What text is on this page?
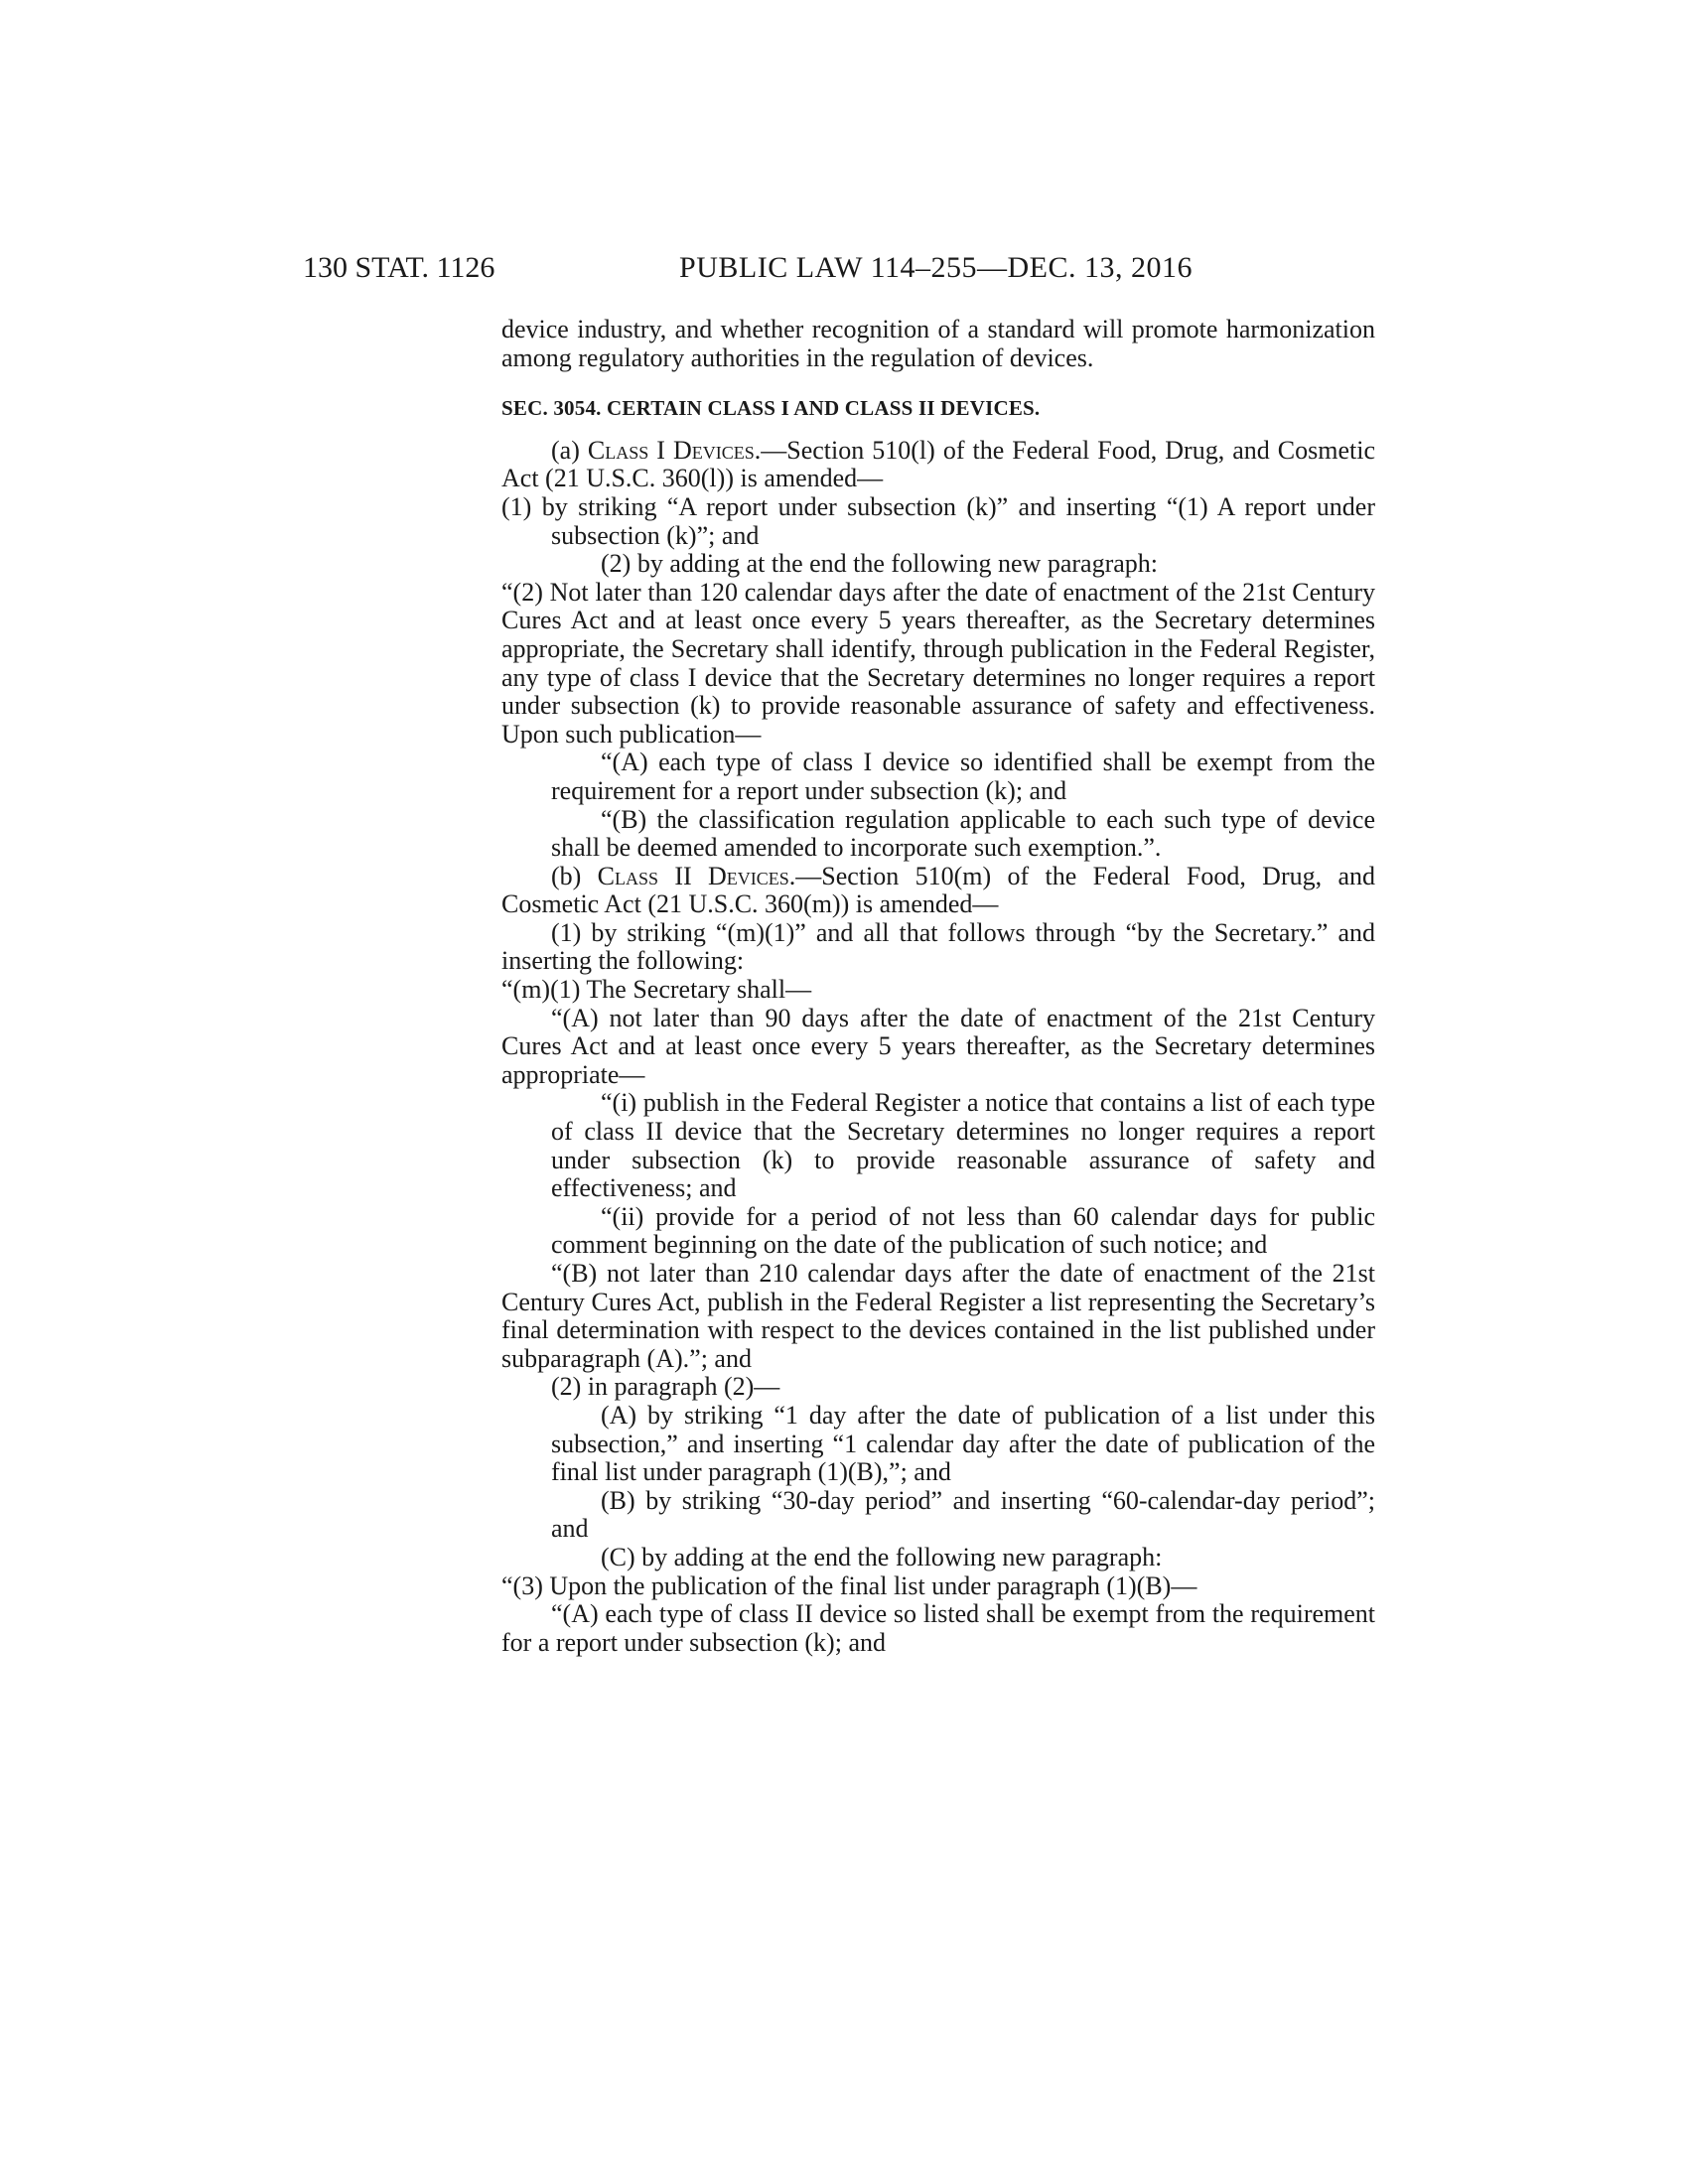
130 STAT. 1126	PUBLIC LAW 114–255—DEC. 13, 2016

device industry, and whether recognition of a standard will promote harmonization among regulatory authorities in the regulation of devices.

SEC. 3054. CERTAIN CLASS I AND CLASS II DEVICES.

(a) Class I Devices.—Section 510(l) of the Federal Food, Drug, and Cosmetic Act (21 U.S.C. 360(l)) is amended—

(1) by striking “A report under subsection (k)” and inserting “(1) A report under subsection (k)”; and

(2) by adding at the end the following new paragraph:

“(2) Not later than 120 calendar days after the date of enactment of the 21st Century Cures Act and at least once every 5 years thereafter, as the Secretary determines appropriate, the Secretary shall identify, through publication in the Federal Register, any type of class I device that the Secretary determines no longer requires a report under subsection (k) to provide reasonable assurance of safety and effectiveness. Upon such publication—

“(A) each type of class I device so identified shall be exempt from the requirement for a report under subsection (k); and

“(B) the classification regulation applicable to each such type of device shall be deemed amended to incorporate such exemption.”.

(b) Class II Devices.—Section 510(m) of the Federal Food, Drug, and Cosmetic Act (21 U.S.C. 360(m)) is amended—

(1) by striking “(m)(1)” and all that follows through “by the Secretary.” and inserting the following:

“(m)(1) The Secretary shall—

“(A) not later than 90 days after the date of enactment of the 21st Century Cures Act and at least once every 5 years thereafter, as the Secretary determines appropriate—

“(i) publish in the Federal Register a notice that contains a list of each type of class II device that the Secretary determines no longer requires a report under subsection (k) to provide reasonable assurance of safety and effectiveness; and

“(ii) provide for a period of not less than 60 calendar days for public comment beginning on the date of the publication of such notice; and

“(B) not later than 210 calendar days after the date of enactment of the 21st Century Cures Act, publish in the Federal Register a list representing the Secretary’s final determination with respect to the devices contained in the list published under subparagraph (A).”; and

(2) in paragraph (2)—

(A) by striking “1 day after the date of publication of a list under this subsection,” and inserting “1 calendar day after the date of publication of the final list under paragraph (1)(B),”; and

(B) by striking “30-day period” and inserting “60-calendar-day period”; and

(C) by adding at the end the following new paragraph:

“(3) Upon the publication of the final list under paragraph (1)(B)—

“(A) each type of class II device so listed shall be exempt from the requirement for a report under subsection (k); and
